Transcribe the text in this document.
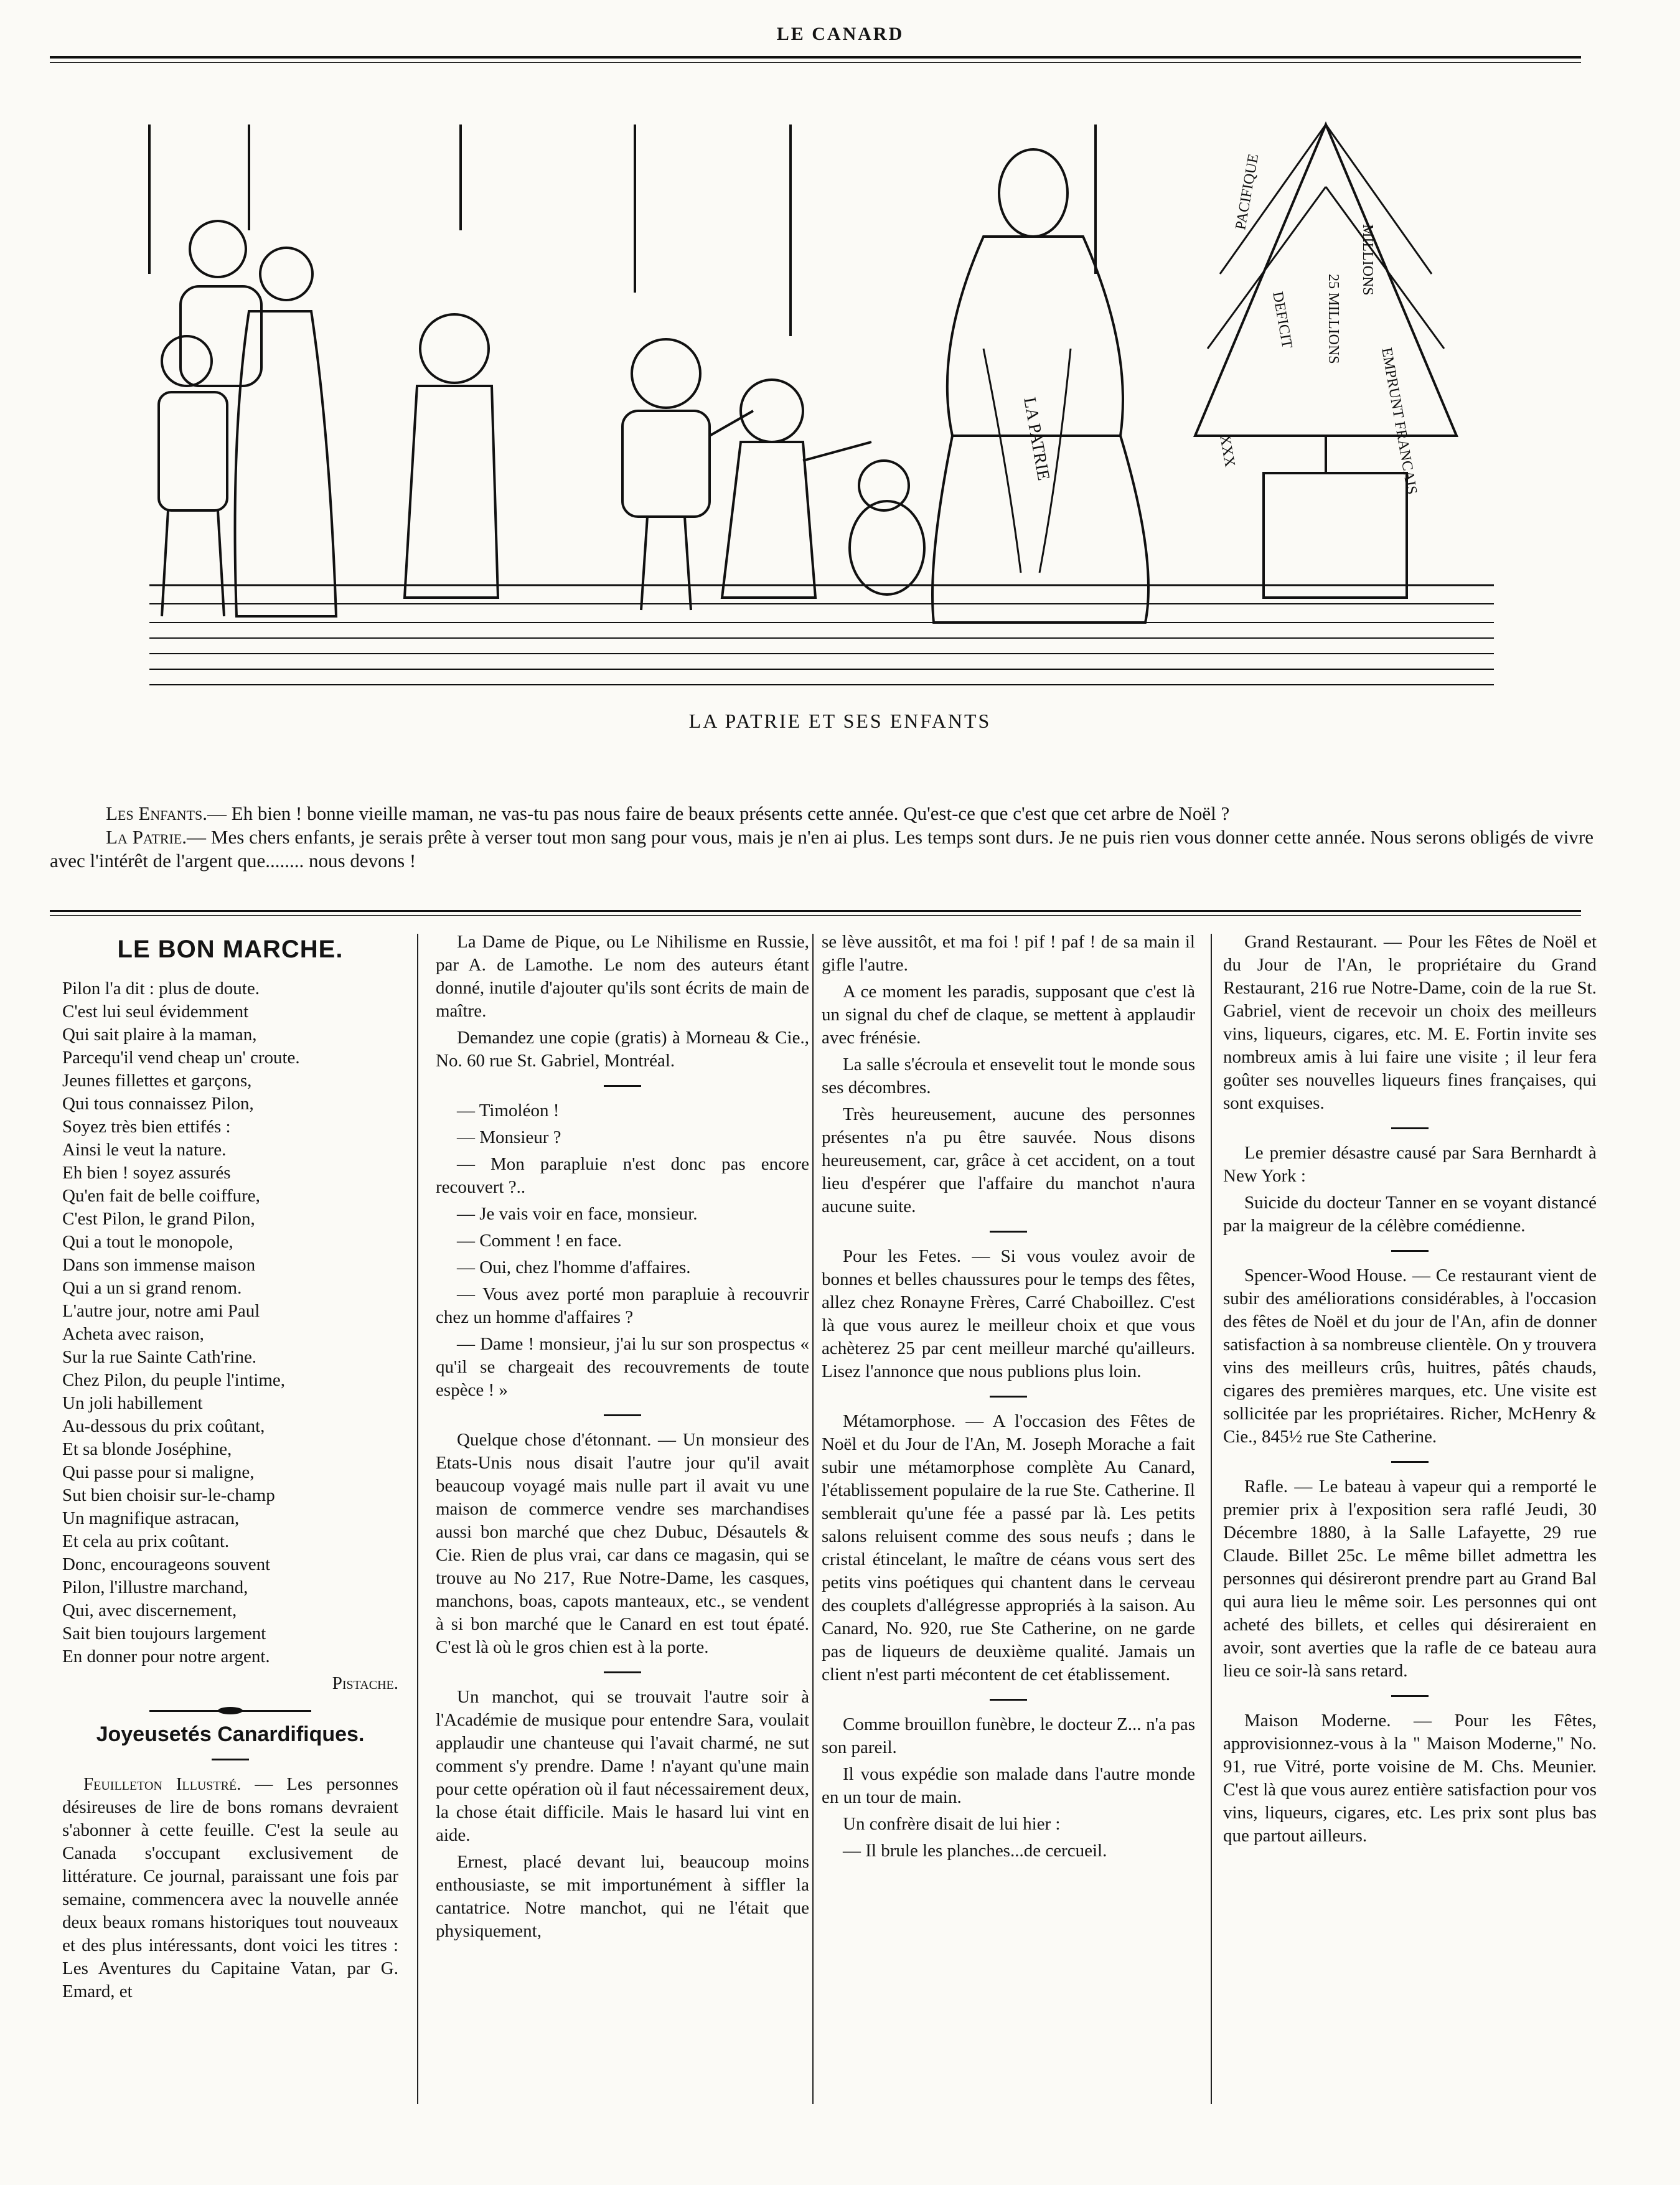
LE CANARD
LA PATRIE
PACIFIQUE
DEFICIT 25 MILLIONS
EMPRUNT FRANCAIS
MILLIONS
XXX
LA PATRIE ET SES ENFANTS

Les Enfants.— Eh bien ! bonne vieille maman, ne vas-tu pas nous faire de beaux présents cette année. Qu'est-ce que c'est que cet arbre de Noël ?

La Patrie.— Mes chers enfants, je serais prête à verser tout mon sang pour vous, mais je n'en ai plus. Les temps sont durs. Je ne puis rien vous donner cette année. Nous serons obligés de vivre avec l'intérêt de l'argent que........ nous devons !

LE BON MARCHE.
Pilon l'a dit : plus de doute.
C'est lui seul évidemment
Qui sait plaire à la maman,
Parcequ'il vend cheap un' croute.
Jeunes fillettes et garçons,
Qui tous connaissez Pilon,
Soyez très bien ettifés :
Ainsi le veut la nature.
Eh bien ! soyez assurés
Qu'en fait de belle coiffure,
C'est Pilon, le grand Pilon,
Qui a tout le monopole,
Dans son immense maison
Qui a un si grand renom.
L'autre jour, notre ami Paul
Acheta avec raison,
Sur la rue Sainte Cath'rine.
Chez Pilon, du peuple l'intime,
Un joli habillement
Au-dessous du prix coûtant,
Et sa blonde Joséphine,
Qui passe pour si maligne,
Sut bien choisir sur-le-champ
Un magnifique astracan,
Et cela au prix coûtant.
Donc, encourageons souvent
Pilon, l'illustre marchand,
Qui, avec discernement,
Sait bien toujours largement
En donner pour notre argent.
Pistache.
Joyeusetés Canardifiques.

Feuilleton Illustré. — Les personnes désireuses de lire de bons romans devraient s'abonner à cette feuille. C'est la seule au Canada s'occupant exclusivement de littérature. Ce journal, paraissant une fois par semaine, commencera avec la nouvelle année deux beaux romans historiques tout nouveaux et des plus intéressants, dont voici les titres : Les Aventures du Capitaine Vatan, par G. Emard, et

La Dame de Pique, ou Le Nihilisme en Russie, par A. de Lamothe. Le nom des auteurs étant donné, inutile d'ajouter qu'ils sont écrits de main de maître.

Demandez une copie (gratis) à Morneau & Cie., No. 60 rue St. Gabriel, Montréal.

— Timoléon !

— Monsieur ?

— Mon parapluie n'est donc pas encore recouvert ?..

— Je vais voir en face, monsieur.

— Comment ! en face.

— Oui, chez l'homme d'affaires.

— Vous avez porté mon parapluie à recouvrir chez un homme d'affaires ?

— Dame ! monsieur, j'ai lu sur son prospectus « qu'il se chargeait des recouvrements de toute espèce ! »

Quelque chose d'étonnant. — Un monsieur des Etats-Unis nous disait l'autre jour qu'il avait beaucoup voyagé mais nulle part il avait vu une maison de commerce vendre ses marchandises aussi bon marché que chez Dubuc, Désautels & Cie. Rien de plus vrai, car dans ce magasin, qui se trouve au No 217, Rue Notre-Dame, les casques, manchons, boas, capots manteaux, etc., se vendent à si bon marché que le Canard en est tout épaté. C'est là où le gros chien est à la porte.

Un manchot, qui se trouvait l'autre soir à l'Académie de musique pour entendre Sara, voulait applaudir une chanteuse qui l'avait charmé, ne sut comment s'y prendre. Dame ! n'ayant qu'une main pour cette opération où il faut nécessairement deux, la chose était difficile. Mais le hasard lui vint en aide.

Ernest, placé devant lui, beaucoup moins enthousiaste, se mit importunément à siffler la cantatrice. Notre manchot, qui ne l'était que physiquement,

se lève aussitôt, et ma foi ! pif ! paf ! de sa main il gifle l'autre.

A ce moment les paradis, supposant que c'est là un signal du chef de claque, se mettent à applaudir avec frénésie.

La salle s'écroula et ensevelit tout le monde sous ses décombres.

Très heureusement, aucune des personnes présentes n'a pu être sauvée. Nous disons heureusement, car, grâce à cet accident, on a tout lieu d'espérer que l'affaire du manchot n'aura aucune suite.

Pour les Fetes. — Si vous voulez avoir de bonnes et belles chaussures pour le temps des fêtes, allez chez Ronayne Frères, Carré Chaboillez. C'est là que vous aurez le meilleur choix et que vous achèterez 25 par cent meilleur marché qu'ailleurs. Lisez l'annonce que nous publions plus loin.

Métamorphose. — A l'occasion des Fêtes de Noël et du Jour de l'An, M. Joseph Morache a fait subir une métamorphose complète Au Canard, l'établissement populaire de la rue Ste. Catherine. Il semblerait qu'une fée a passé par là. Les petits salons reluisent comme des sous neufs ; dans le cristal étincelant, le maître de céans vous sert des petits vins poétiques qui chantent dans le cerveau des couplets d'allégresse appropriés à la saison. Au Canard, No. 920, rue Ste Catherine, on ne garde pas de liqueurs de deuxième qualité. Jamais un client n'est parti mécontent de cet établissement.

Comme brouillon funèbre, le docteur Z... n'a pas son pareil.

Il vous expédie son malade dans l'autre monde en un tour de main.

Un confrère disait de lui hier :

— Il brule les planches...de cercueil.

Grand Restaurant. — Pour les Fêtes de Noël et du Jour de l'An, le propriétaire du Grand Restaurant, 216 rue Notre-Dame, coin de la rue St. Gabriel, vient de recevoir un choix des meilleurs vins, liqueurs, cigares, etc. M. E. Fortin invite ses nombreux amis à lui faire une visite ; il leur fera goûter ses nouvelles liqueurs fines françaises, qui sont exquises.

Le premier désastre causé par Sara Bernhardt à New York :

Suicide du docteur Tanner en se voyant distancé par la maigreur de la célèbre comédienne.

Spencer-Wood House. — Ce restaurant vient de subir des améliorations considérables, à l'occasion des fêtes de Noël et du jour de l'An, afin de donner satisfaction à sa nombreuse clientèle. On y trouvera vins des meilleurs crûs, huitres, pâtés chauds, cigares des premières marques, etc. Une visite est sollicitée par les propriétaires. Richer, McHenry & Cie., 845½ rue Ste Catherine.

Rafle. — Le bateau à vapeur qui a remporté le premier prix à l'exposition sera raflé Jeudi, 30 Décembre 1880, à la Salle Lafayette, 29 rue Claude. Billet 25c. Le même billet admettra les personnes qui désireront prendre part au Grand Bal qui aura lieu le même soir. Les personnes qui ont acheté des billets, et celles qui désireraient en avoir, sont averties que la rafle de ce bateau aura lieu ce soir-là sans retard.

Maison Moderne. — Pour les Fêtes, approvisionnez-vous à la " Maison Moderne," No. 91, rue Vitré, porte voisine de M. Chs. Meunier. C'est là que vous aurez entière satisfaction pour vos vins, liqueurs, cigares, etc. Les prix sont plus bas que partout ailleurs.
